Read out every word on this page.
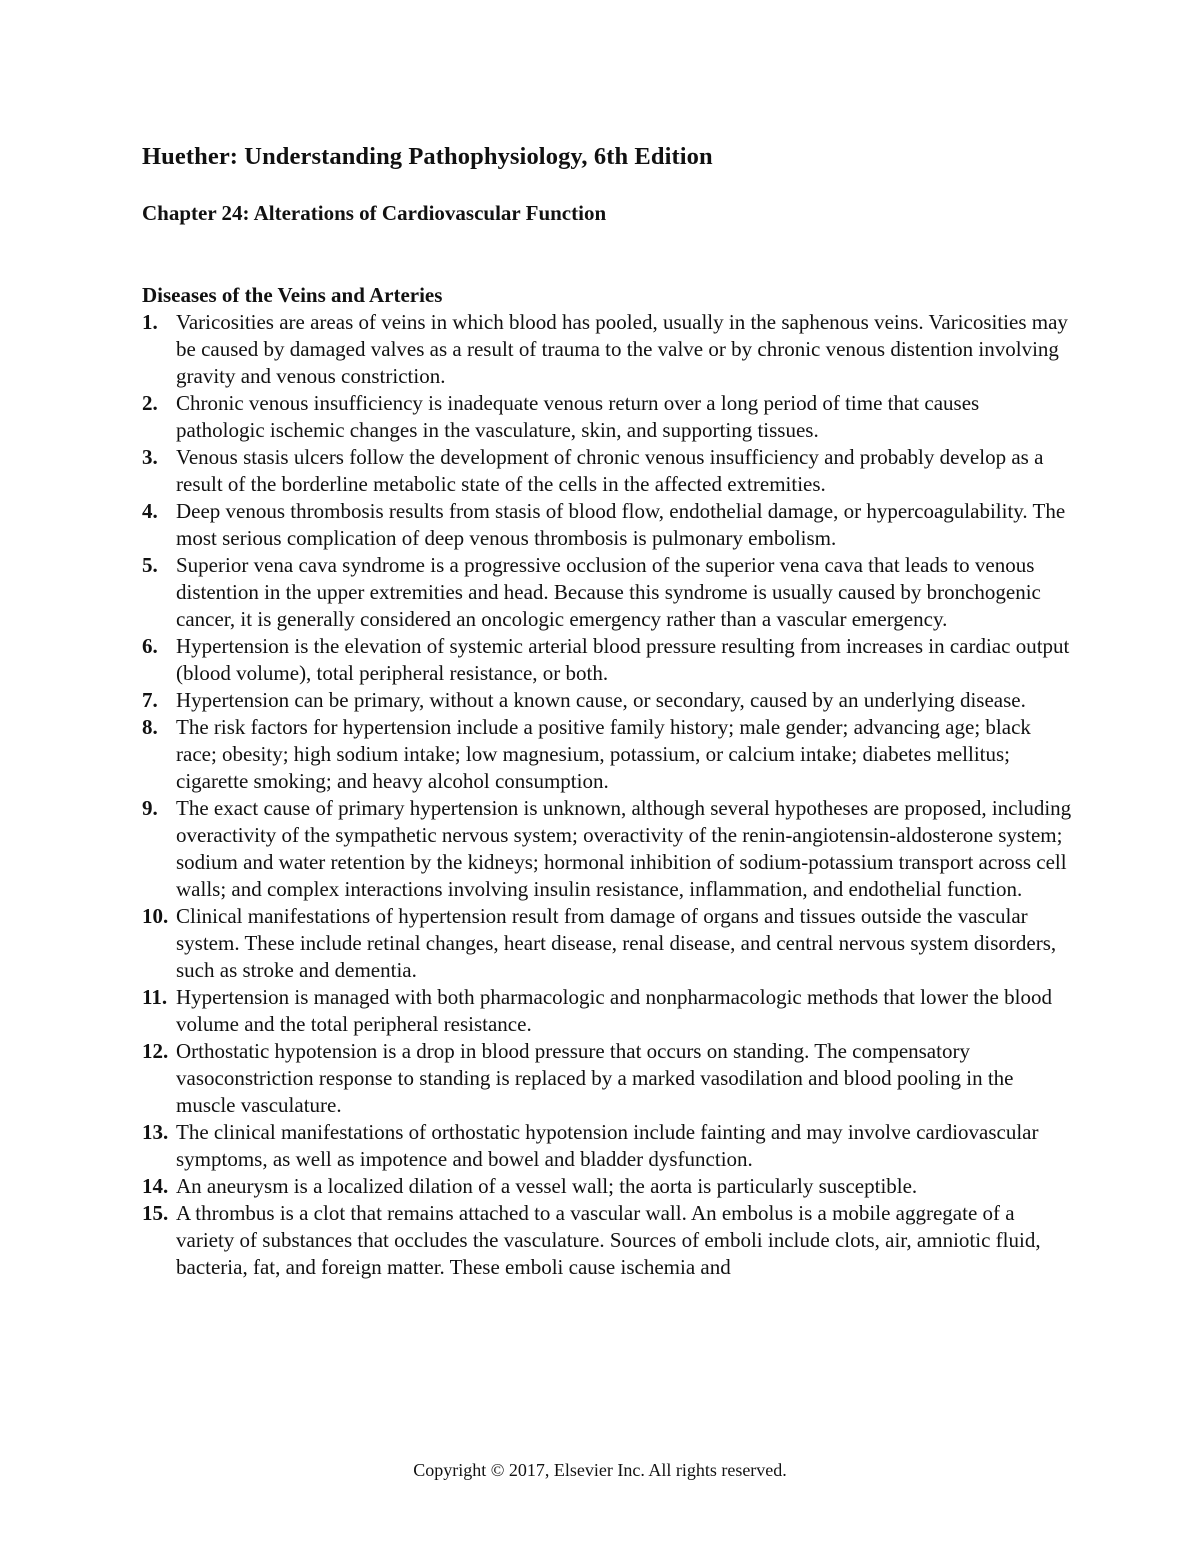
Huether: Understanding Pathophysiology, 6th Edition
Chapter 24: Alterations of Cardiovascular Function
Diseases of the Veins and Arteries
1. Varicosities are areas of veins in which blood has pooled, usually in the saphenous veins. Varicosities may be caused by damaged valves as a result of trauma to the valve or by chronic venous distention involving gravity and venous constriction.
2. Chronic venous insufficiency is inadequate venous return over a long period of time that causes pathologic ischemic changes in the vasculature, skin, and supporting tissues.
3. Venous stasis ulcers follow the development of chronic venous insufficiency and probably develop as a result of the borderline metabolic state of the cells in the affected extremities.
4. Deep venous thrombosis results from stasis of blood flow, endothelial damage, or hypercoagulability. The most serious complication of deep venous thrombosis is pulmonary embolism.
5. Superior vena cava syndrome is a progressive occlusion of the superior vena cava that leads to venous distention in the upper extremities and head. Because this syndrome is usually caused by bronchogenic cancer, it is generally considered an oncologic emergency rather than a vascular emergency.
6. Hypertension is the elevation of systemic arterial blood pressure resulting from increases in cardiac output (blood volume), total peripheral resistance, or both.
7. Hypertension can be primary, without a known cause, or secondary, caused by an underlying disease.
8. The risk factors for hypertension include a positive family history; male gender; advancing age; black race; obesity; high sodium intake; low magnesium, potassium, or calcium intake; diabetes mellitus; cigarette smoking; and heavy alcohol consumption.
9. The exact cause of primary hypertension is unknown, although several hypotheses are proposed, including overactivity of the sympathetic nervous system; overactivity of the renin-angiotensin-aldosterone system; sodium and water retention by the kidneys; hormonal inhibition of sodium-potassium transport across cell walls; and complex interactions involving insulin resistance, inflammation, and endothelial function.
10. Clinical manifestations of hypertension result from damage of organs and tissues outside the vascular system. These include retinal changes, heart disease, renal disease, and central nervous system disorders, such as stroke and dementia.
11. Hypertension is managed with both pharmacologic and nonpharmacologic methods that lower the blood volume and the total peripheral resistance.
12. Orthostatic hypotension is a drop in blood pressure that occurs on standing. The compensatory vasoconstriction response to standing is replaced by a marked vasodilation and blood pooling in the muscle vasculature.
13. The clinical manifestations of orthostatic hypotension include fainting and may involve cardiovascular symptoms, as well as impotence and bowel and bladder dysfunction.
14. An aneurysm is a localized dilation of a vessel wall; the aorta is particularly susceptible.
15. A thrombus is a clot that remains attached to a vascular wall. An embolus is a mobile aggregate of a variety of substances that occludes the vasculature. Sources of emboli include clots, air, amniotic fluid, bacteria, fat, and foreign matter. These emboli cause ischemia and

Copyright © 2017, Elsevier Inc. All rights reserved.
